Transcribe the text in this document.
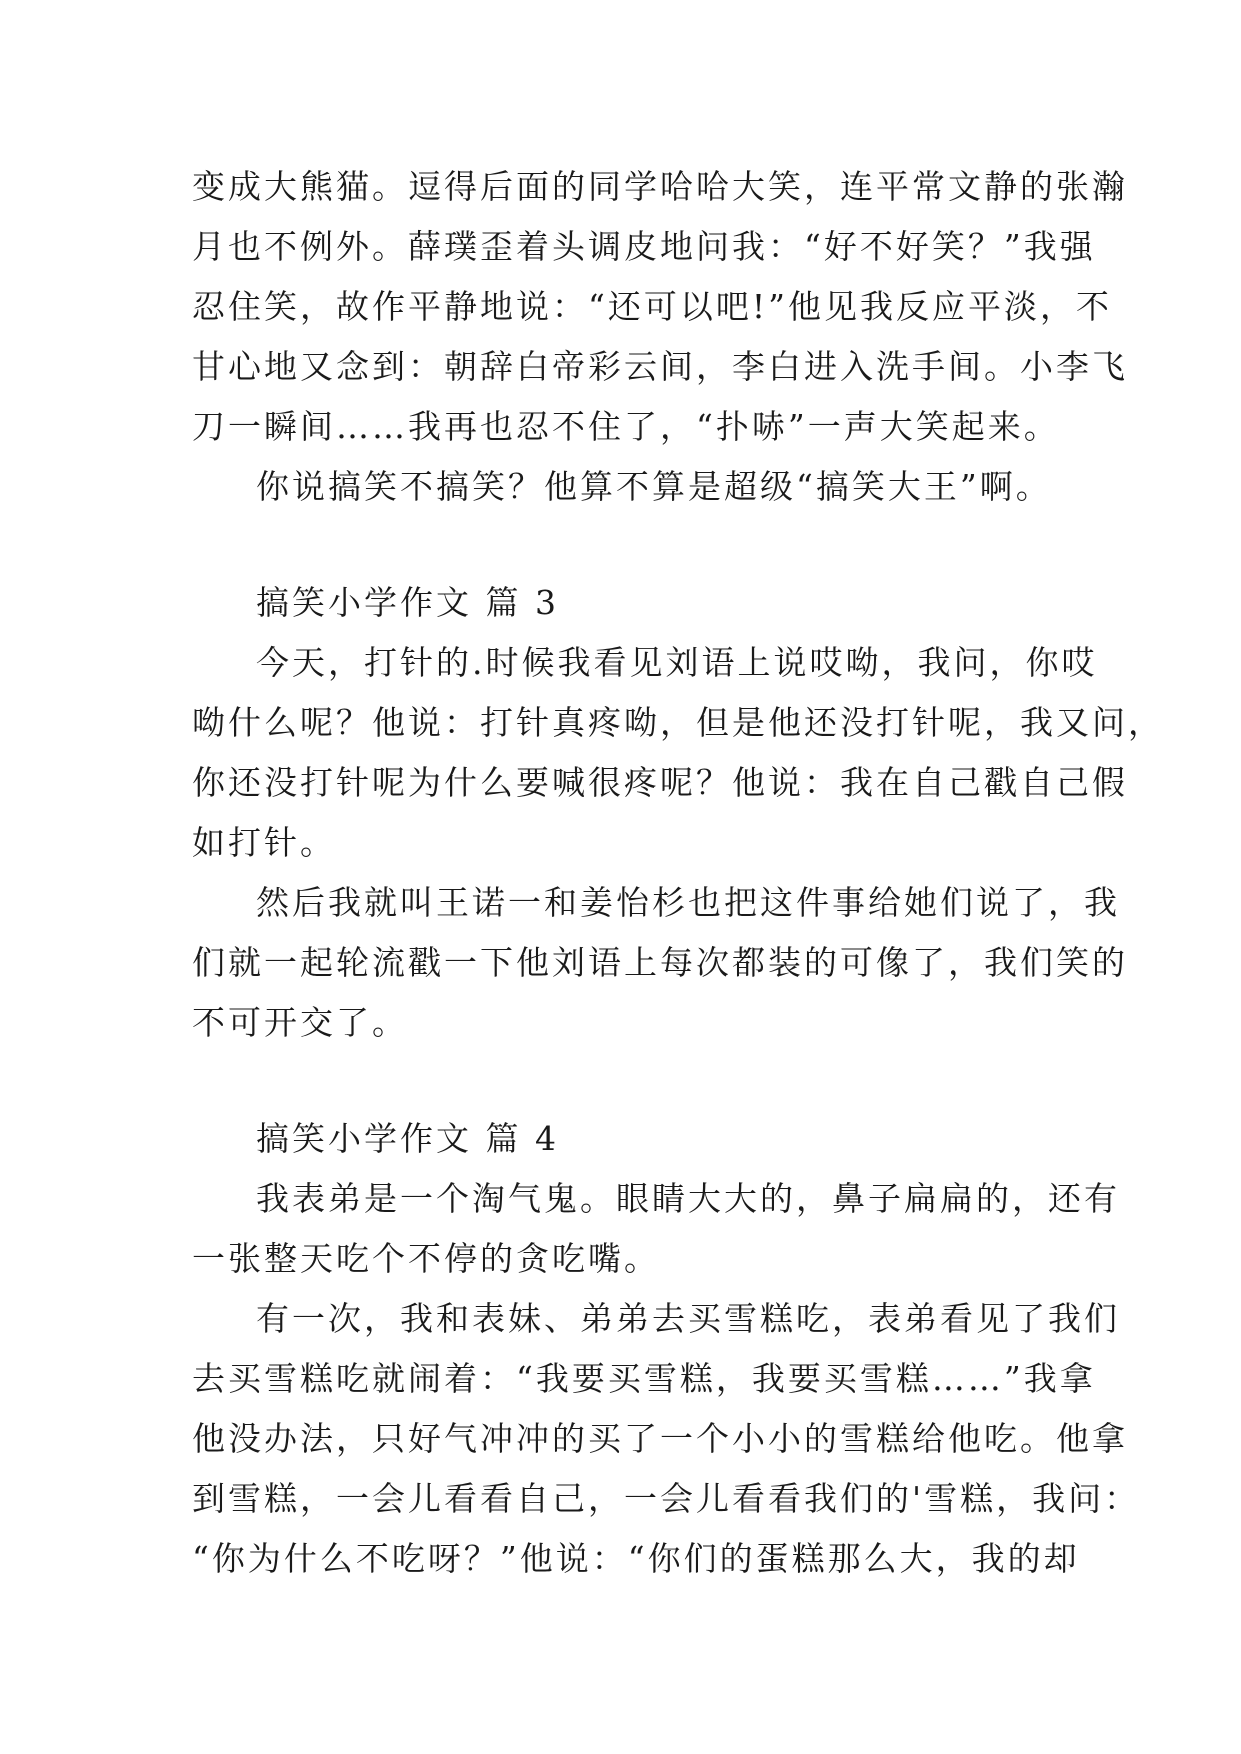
变成大熊猫。逗得后面的同学哈哈大笑，连平常文静的张瀚
月也不例外。薛璞歪着头调皮地问我：“好不好笑？”我强
忍住笑，故作平静地说：“还可以吧!”他见我反应平淡，不
甘心地又念到：朝辞白帝彩云间，李白进入洗手间。小李飞
刀一瞬间……我再也忍不住了，“扑哧”一声大笑起来。
你说搞笑不搞笑？他算不算是超级“搞笑大王”啊。
搞笑小学作文 篇 3
今天，打针的.时候我看见刘语上说哎呦，我问，你哎
呦什么呢？他说：打针真疼呦，但是他还没打针呢，我又问，
你还没打针呢为什么要喊很疼呢？他说：我在自己戳自己假
如打针。
然后我就叫王诺一和姜怡杉也把这件事给她们说了，我
们就一起轮流戳一下他刘语上每次都装的可像了，我们笑的
不可开交了。
搞笑小学作文 篇 4
我表弟是一个淘气鬼。眼睛大大的，鼻子扁扁的，还有
一张整天吃个不停的贪吃嘴。
有一次，我和表妹、弟弟去买雪糕吃，表弟看见了我们
去买雪糕吃就闹着：“我要买雪糕，我要买雪糕……”我拿
他没办法，只好气冲冲的买了一个小小的雪糕给他吃。他拿
到雪糕，一会儿看看自己，一会儿看看我们的'雪糕，我问：
“你为什么不吃呀？”他说：“你们的蛋糕那么大，我的却
